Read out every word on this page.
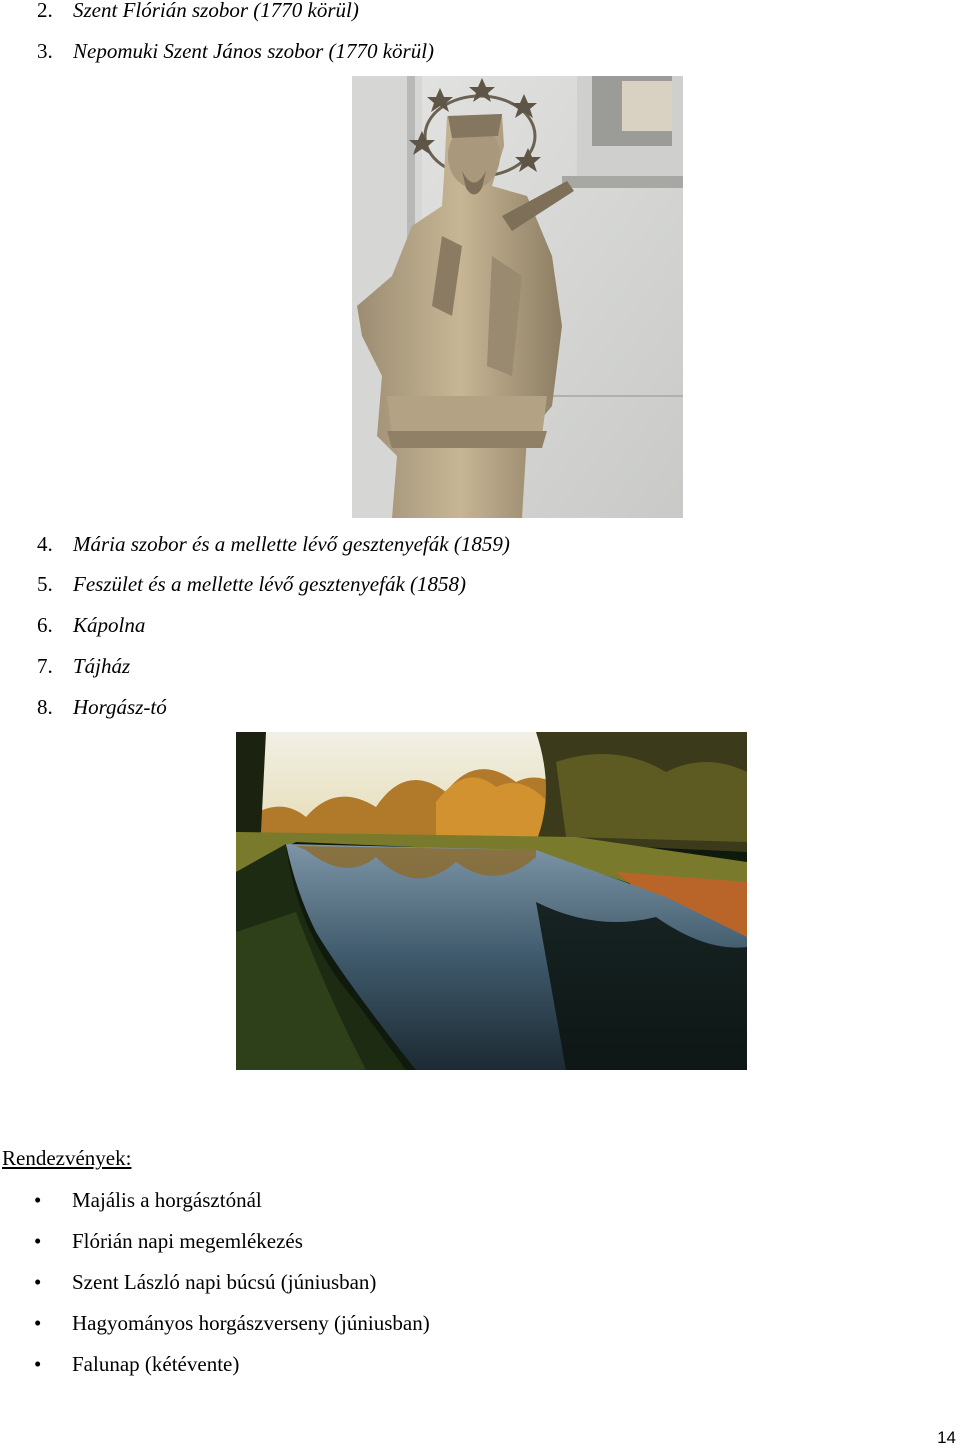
2. Szent Flórián szobor (1770 körül)
3. Nepomuki Szent János szobor (1770 körül)
4. Mária szobor és a mellette lévő gesztenyefák (1859)
5. Feszület és a mellette lévő gesztenyefák (1858)
6. Kápolna
7. Tájház
8. Horgász-tó
Rendezvények:
• Majális a horgásztónál
• Flórián napi megemlékezés
• Szent László napi búcsú (júniusban)
• Hagyományos horgászverseny (júniusban)
• Falunap (kétévente)
14
